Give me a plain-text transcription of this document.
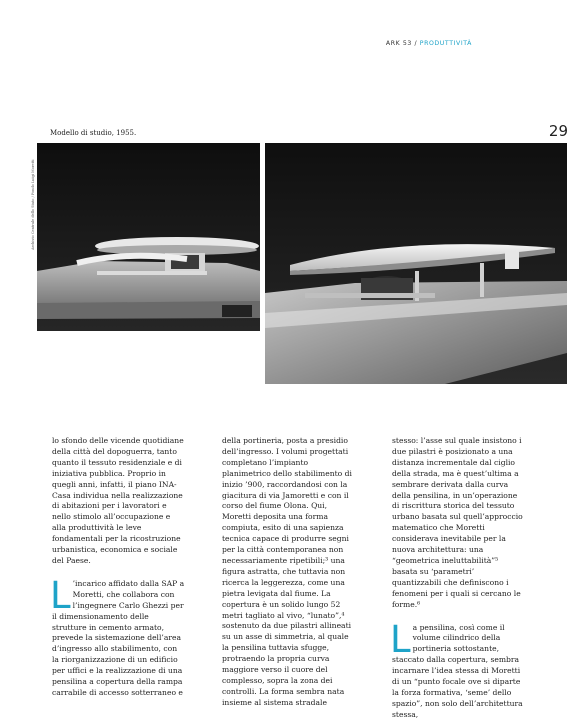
ARK 53 / PRODUTTIVITÀ
Modello di studio, 1955.	29
Archivio Centrale dello Stato / Fondo Luigi Moretti

lo sfondo delle vicende quotidiane della città del dopoguerra, tanto quanto il tessuto residenziale e di iniziativa pubblica. Proprio in quegli anni, infatti, il piano INA-Casa individua nella realizzazione di abitazioni per i lavoratori e nello stimolo all’occupazione e alla produttività le leve fondamentali per la ricostruzione urbanistica, economica e sociale del Paese.

L ’incarico affidato dalla SAP a Moretti, che collabora con l’ingegnere Carlo Ghezzi per il dimensionamento delle strutture in cemento armato, prevede la sistemazione dell’area d’ingresso allo stabilimento, con la riorganizzazione di un edificio per uffici e la realizzazione di una pensilina a copertura della rampa carrabile di accesso sotterraneo e

della portineria, posta a presidio dell’ingresso. I volumi progettati completano l’impianto planimetrico dello stabilimento di inizio ’900, raccordandosi con la giacitura di via Jamoretti e con il corso del fiume Olona. Qui, Moretti deposita una forma compiuta, esito di una sapienza tecnica capace di produrre segni per la città contemporanea non necessariamente ripetibili;³ una figura astratta, che tuttavia non ricerca la leggerezza, come una pietra levigata dal fiume. La copertura è un solido lungo 52 metri tagliato al vivo, “lunato”,⁴ sostenuto da due pilastri allineati su un asse di simmetria, al quale la pensilina tuttavia sfugge, protraendo la propria curva maggiore verso il cuore del complesso, sopra la zona dei controlli. La forma sembra nata insieme al sistema stradale

stesso: l’asse sul quale insistono i due pilastri è posizionato a una distanza incrementale dal ciglio della strada, ma è quest’ultima a sembrare derivata dalla curva della pensilina, in un’operazione di riscrittura storica del tessuto urbano basata sul quell’approccio matematico che Moretti considerava inevitabile per la nuova architettura: una “geometrica ineluttabilità”⁵ basata su ‘parametri’ quantizzabili che definiscono i fenomeni per i quali si cercano le forme.⁶

La pensilina, così come il volume cilindrico della portineria sottostante, staccato dalla copertura, sembra incarnare l’idea stessa di Moretti di un “punto focale ove si diparte la forza formativa, ‘seme’ dello spazio”, non solo dell’architettura stessa,
